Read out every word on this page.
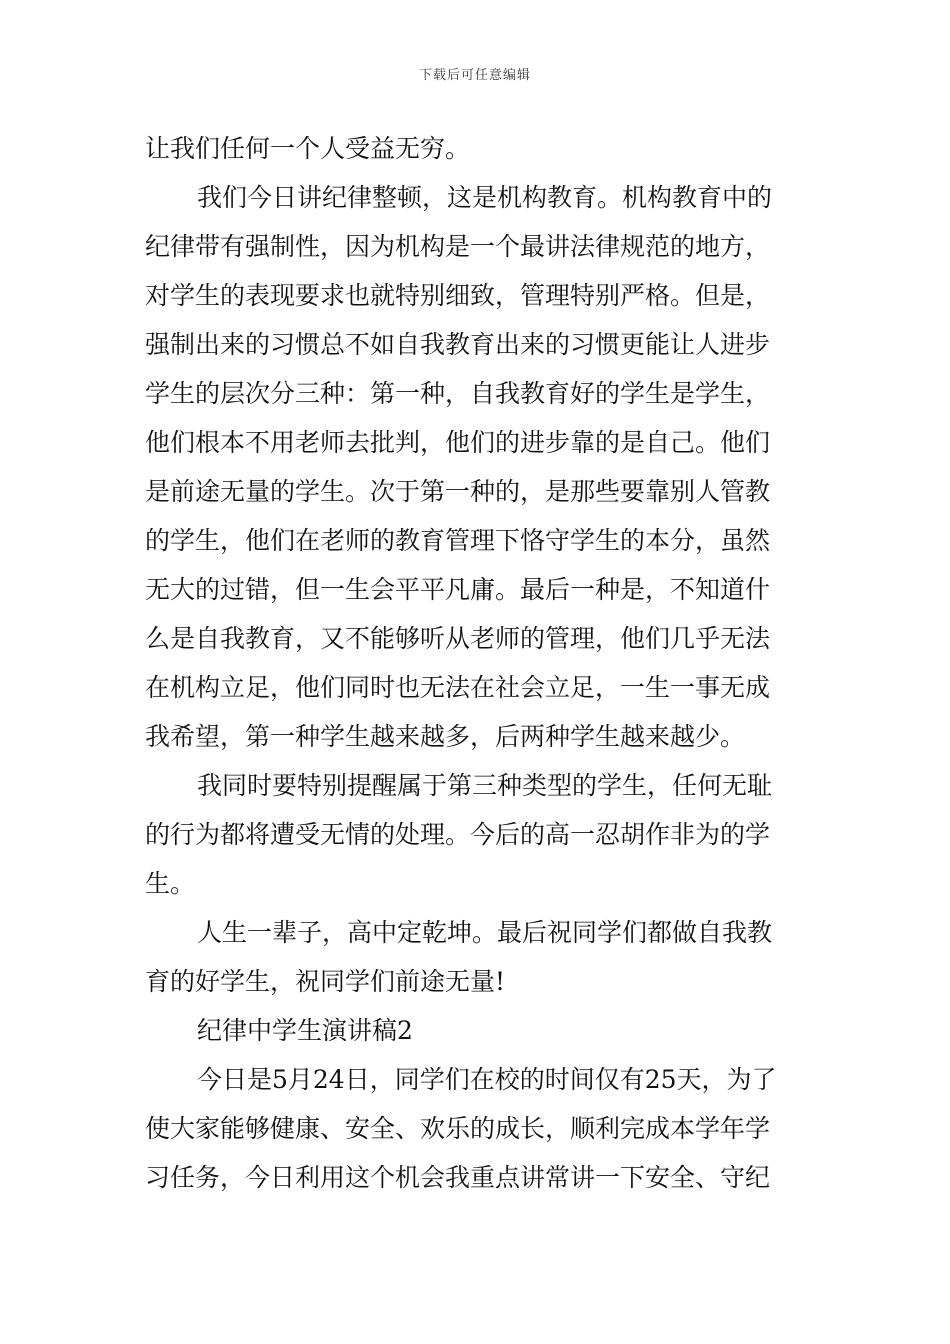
下载后可任意编辑
让我们任何一个人受益无穷。
我们今日讲纪律整顿，这是机构教育。机构教育中的
纪律带有强制性，因为机构是一个最讲法律规范的地方，
对学生的表现要求也就特别细致，管理特别严格。但是，
强制出来的习惯总不如自我教育出来的习惯更能让人进步
学生的层次分三种：第一种，自我教育好的学生是学生，
他们根本不用老师去批判，他们的进步靠的是自己。他们
是前途无量的学生。次于第一种的，是那些要靠别人管教
的学生，他们在老师的教育管理下恪守学生的本分，虽然
无大的过错，但一生会平平凡庸。最后一种是，不知道什
么是自我教育，又不能够听从老师的管理，他们几乎无法
在机构立足，他们同时也无法在社会立足，一生一事无成
我希望，第一种学生越来越多，后两种学生越来越少。
我同时要特别提醒属于第三种类型的学生，任何无耻
的行为都将遭受无情的处理。今后的高一忍胡作非为的学
生。
人生一辈子，高中定乾坤。最后祝同学们都做自我教
育的好学生，祝同学们前途无量!
纪律中学生演讲稿2
今日是5月24日，同学们在校的时间仅有25天，为了
使大家能够健康、安全、欢乐的成长，顺利完成本学年学
习任务，今日利用这个机会我重点讲常讲一下安全、守纪
